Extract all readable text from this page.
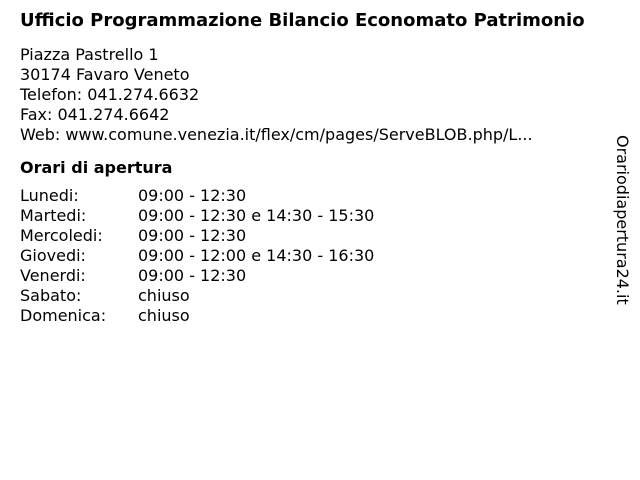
Ufficio Programmazione Bilancio Economato Patrimonio
Piazza Pastrello 1
30174 Favaro Veneto
Telefon: 041.274.6632
Fax: 041.274.6642
Web: www.comune.venezia.it/flex/cm/pages/ServeBLOB.php/L...
Orari di apertura
Lunedi:	09:00 - 12:30
Martedi:	09:00 - 12:30 e 14:30 - 15:30
Mercoledi:	09:00 - 12:30
Giovedi:	09:00 - 12:00 e 14:30 - 16:30
Venerdi:	09:00 - 12:30
Sabato:	chiuso
Domenica:	chiuso
Orariodiapertura24.it
